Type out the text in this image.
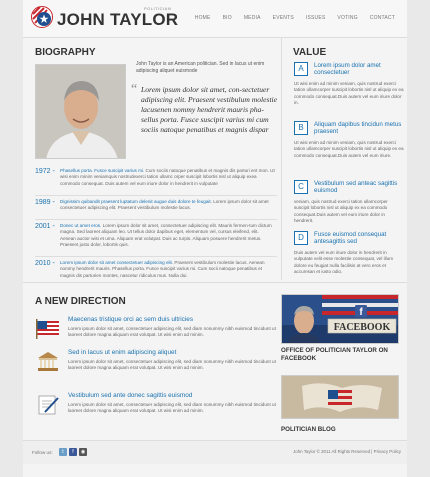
JOHN TAYLOR
POLITICIAN
HOME	BIO	MEDIA	EVENTS	ISSUES	VOTING	CONTACT
BIOGRAPHY
John Taylor is an American politician. Sed in lacus ut enim adipiscing aliquet euismode
“ Lorem ipsum dolor sit amet, con-sectetuer adipiscing elit. Praesent vestibulum molestie lacusenen nommy hendrerit mauris pha-sellus porta. Fusce suscipit varius mi cum sociis natoque penatibus et magnis dispar
1972 - Phasellus porta. Fusce suscipit varius mi. Cum sociis natoque penatibus et magnis dis parturi ent mon. Ut wisi enim minim veniamquis nostrudexerci tation ullamc orper suscipit lobortis nisl ut aliquip exea commodo consequat. Duis autem vel eum iriure dolor in hendrerit in vulputate
1989 - Dignissim quibandit praesent luptatum delenit augue duis dolore te feugait. Lorem ipsum dolor sit amet consectetuer adipiscing elit. Praesent vestibulum molestie lacus.
2001 - Donec ut amet eros. Lorem ipsum dolor sit amet, consectetuer adipiscing elit. Mauris fermen-tum dictum magna. Sed laoreet aliquam leo. Ut tellus dolor dapibus eget, elementum vel, cursus eleifend, elit. Aenean auctor wisi et urna. Aliquam erat volutpat. Duis ac turpis. Aliquam posuere hendrerit metus. Praesent justo dolor, lobortis quis.
2010 - Lorem ipsum dolor sit amet consectetuer adipiscing elit. Praesent vestibulum molestie lacus. Aenean nommy hendrerit mauris. Phasellus porta. Fusce suscipit varius mi. Cum socii natoque penatibus et magnis dis parturien montes, nascetur ridiculus mus. Nulla dui.
VALUE
A	Lorem ipsum dolor amet consectetuer
Ut wisi enim ad minim veniam, quis nostrud exerci tation ullamcorper suscipit lobortis nisl ut aliquip ex ea commodo consequat.Duis autem vel eum iriure dolor in.
B	Aliquam dapibus tincidun metus praesent
Ut wisi enim ad minim veniam, quis nostrud exerci tation ullamcorper suscipit lobortis nisl ut aliquip ex ea commodo consequat.Duis autem vel eum iriure.
C	Vestibulum sed anteac sagittis euismod
veniam, quis nostrud exerci tation ullamcorper suscipit lobortis nisl ut aliquip ex ea commodo consequat.Duis autem vel eum iriure dolor in hendrerit.
D	Fusce euismod consequat antesagittis sed
Duis autem vel eum iriure dolor in hendrerit in vulputate velit esse molestie consequat, vel illum dolore eu feugiat nulla facilisis at vero eros et accumsan et iusto odio.
A NEW DIRECTION
Maecenas tristique orci ac sem duis ultricies
Lorem ipsum dolor sit amet, consectetuer adipiscing elit, sed diam nonummy nibh euismod tincidunt ut laoreet dolore magna aliquam erat volutpat. Ut wisi enim ad minim.
Sed in lacus ut enim adipiscing aliquet
Lorem ipsum dolor sit amet, consectetuer adipiscing elit, sed diam nonummy nibh euismod tincidunt ut laoreet dolore magna aliquam erat volutpat. Ut wisi enim ad minim.
Vestibulum sed ante donec sagittis euismod
Lorem ipsum dolor sit amet, consectetuer adipiscing elit, sed diam nonummy nibh euismod tincidunt ut laoreet dolore magna aliquam erat volutpat. Ut wisi enim ad minim.
f
FACEBOOK
OFFICE OF POLITICIAN TAYLOR ON FACEBOOK
POLITICIAN BLOG
Follow us:	t	f	◉	John Taylor © 2011 All Rights Reserved | Privacy Policy
